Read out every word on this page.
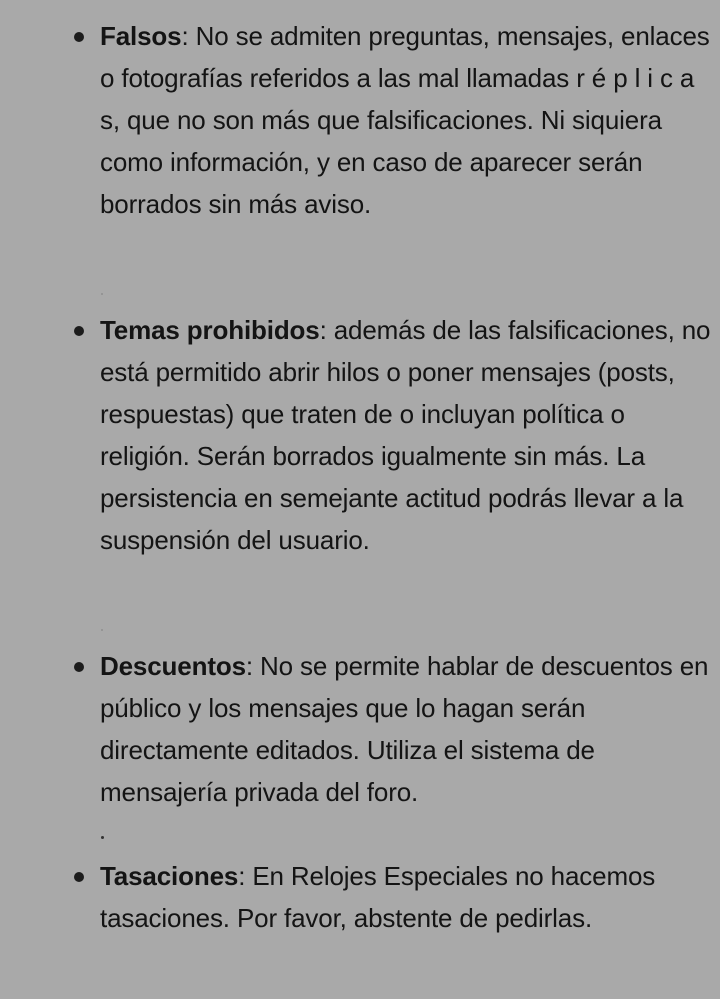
Falsos: No se admiten preguntas, mensajes, enlaces o fotografías referidos a las mal llamadas r é p l i c a s, que no son más que falsificaciones. Ni siquiera como información, y en caso de aparecer serán borrados sin más aviso.

Temas prohibidos: además de las falsificaciones, no está permitido abrir hilos o poner mensajes (posts, respuestas) que traten de o incluyan política o religión. Serán borrados igualmente sin más. La persistencia en semejante actitud podrás llevar a la suspensión del usuario.

Descuentos: No se permite hablar de descuentos en público y los mensajes que lo hagan serán directamente editados. Utiliza el sistema de mensajería privada del foro.

Tasaciones: En Relojes Especiales no hacemos tasaciones. Por favor, abstente de pedirlas.
